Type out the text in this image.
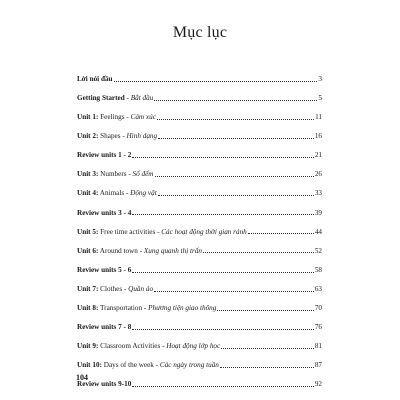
Mục lục
Lời nói đầu	3
Getting Started - Bắt đầu	5
Unit 1: Feelings - Cảm xúc	11
Unit 2: Shapes - Hình dạng	16
Review units 1 - 2	21
Unit 3: Numbers - Số đếm	26
Unit 4: Animals - Động vật	33
Review units 3 - 4	39
Unit 5: Free time activities - Các hoạt động thời gian rảnh	44
Unit 6: Around town - Xung quanh thị trấn	52
Review units 5 - 6	58
Unit 7: Clothes - Quần áo	63
Unit 8: Transportation - Phương tiện giao thông	70
Review units 7 - 8	76
Unit 9: Classroom Activities - Hoạt động lớp học	81
Unit 10: Days of the week - Các ngày trong tuần	87
Review units 9-10	92
104
